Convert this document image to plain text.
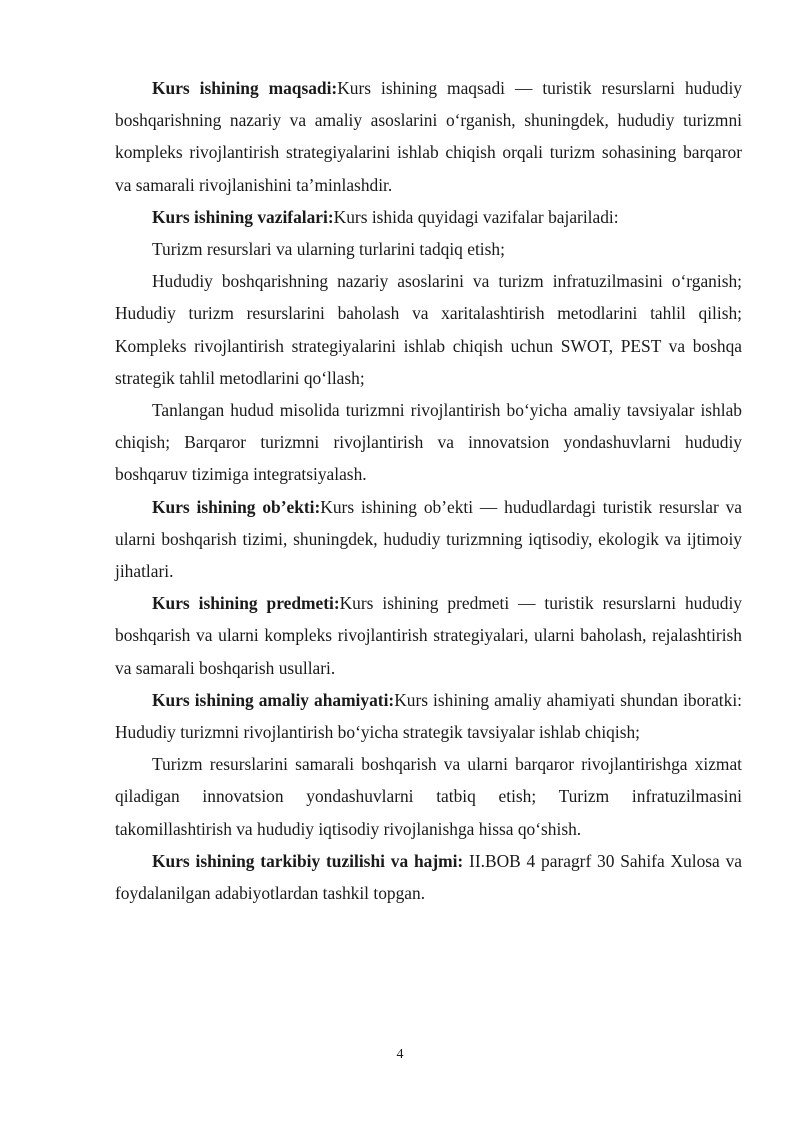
Kurs ishining maqsadi:Kurs ishining maqsadi — turistik resurslarni hududiy boshqarishning nazariy va amaliy asoslarini o‘rganish, shuningdek, hududiy turizmni kompleks rivojlantirish strategiyalarini ishlab chiqish orqali turizm sohasining barqaror va samarali rivojlanishini ta’minlashdir.

Kurs ishining vazifalari:Kurs ishida quyidagi vazifalar bajariladi:

Turizm resurslari va ularning turlarini tadqiq etish;

Hududiy boshqarishning nazariy asoslarini va turizm infratuzilmasini o‘rganish; Hududiy turizm resurslarini baholash va xaritalashtirish metodlarini tahlil qilish; Kompleks rivojlantirish strategiyalarini ishlab chiqish uchun SWOT, PEST va boshqa strategik tahlil metodlarini qo‘llash;

Tanlangan hudud misolida turizmni rivojlantirish bo‘yicha amaliy tavsiyalar ishlab chiqish; Barqaror turizmni rivojlantirish va innovatsion yondashuvlarni hududiy boshqaruv tizimiga integratsiyalash.

Kurs ishining ob’ekti:Kurs ishining ob’ekti — hududlardagi turistik resurslar va ularni boshqarish tizimi, shuningdek, hududiy turizmning iqtisodiy, ekologik va ijtimoiy jihatlari.

Kurs ishining predmeti:Kurs ishining predmeti — turistik resurslarni hududiy boshqarish va ularni kompleks rivojlantirish strategiyalari, ularni baholash, rejalashtirish va samarali boshqarish usullari.

Kurs ishining amaliy ahamiyati:Kurs ishining amaliy ahamiyati shundan iboratki: Hududiy turizmni rivojlantirish bo‘yicha strategik tavsiyalar ishlab chiqish;

Turizm resurslarini samarali boshqarish va ularni barqaror rivojlantirishga xizmat qiladigan innovatsion yondashuvlarni tatbiq etish; Turizm infratuzilmasini takomillashtirish va hududiy iqtisodiy rivojlanishga hissa qo‘shish.

Kurs ishining tarkibiy tuzilishi va hajmi: II.BOB 4 paragrf 30 Sahifa Xulosa va foydalanilgan adabiyotlardan tashkil topgan.

4
